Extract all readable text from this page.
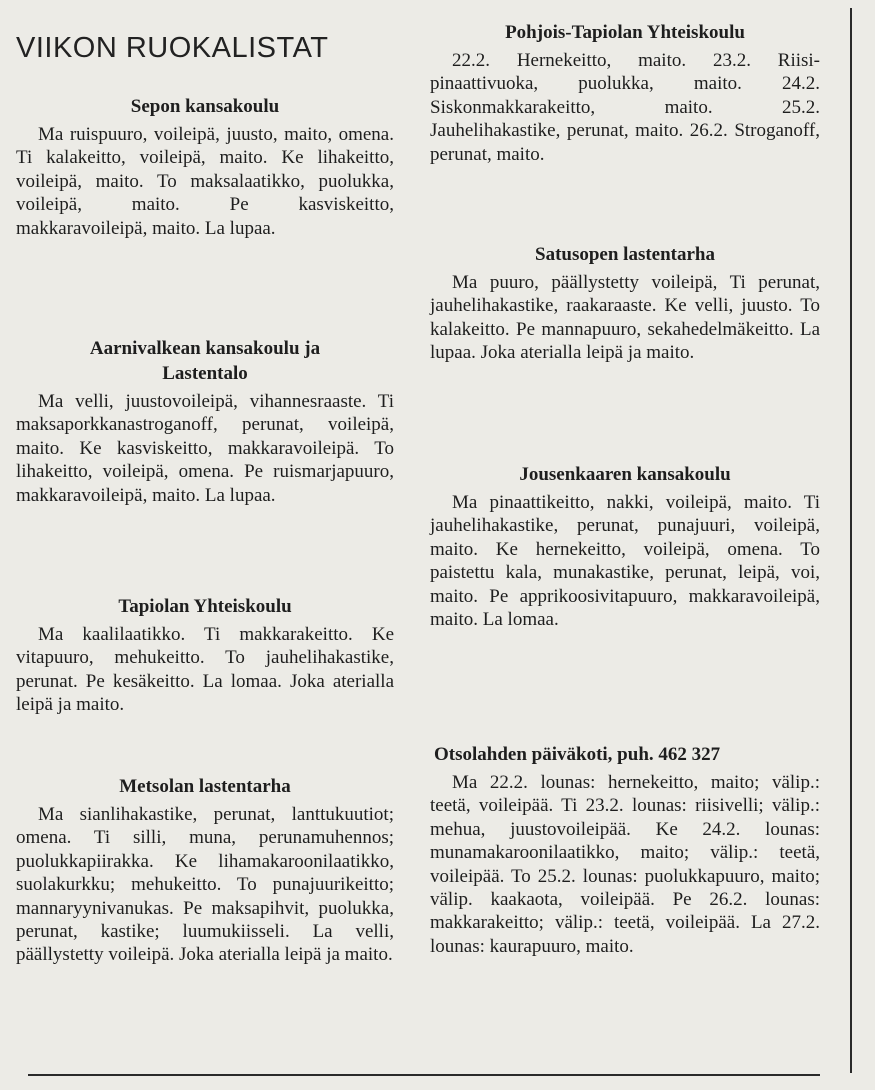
VIIKON RUOKALISTAT
Sepon kansakoulu

Ma ruispuuro, voileipä, juusto, maito, omena. Ti kalakeitto, voileipä, maito. Ke lihakeitto, voileipä, maito. To maksalaatikko, puolukka, voileipä, maito. Pe kasviskeitto, makkaravoileipä, maito. La lupaa.

Aarnivalkean kansakoulu ja Lastentalo

Ma velli, juustovoileipä, vihannesraaste. Ti maksaporkkanastroganoff, perunat, voileipä, maito. Ke kasviskeitto, makkaravoileipä. To lihakeitto, voileipä, omena. Pe ruismarjapuuro, makkaravoileipä, maito. La lupaa.

Tapiolan Yhteiskoulu

Ma kaalilaatikko. Ti makkarakeitto. Ke vitapuuro, mehukeitto. To jauhelihakastike, perunat. Pe kesäkeitto. La lomaa. Joka aterialla leipä ja maito.

Metsolan lastentarha

Ma sianlihakastike, perunat, lanttukuutiot; omena. Ti silli, muna, perunamuhennos; puolukkapiirakka. Ke lihamakaroonilaatikko, suolakurkku; mehukeitto. To punajuurikeitto; mannaryynivanukas. Pe maksapihvit, puolukka, perunat, kastike; luumukiisseli. La velli, päällystetty voileipä. Joka aterialla leipä ja maito.

Pohjois-Tapiolan Yhteiskoulu

22.2. Hernekeitto, maito. 23.2. Riisi-pinaattivuoka, puolukka, maito. 24.2. Siskonmakkarakeitto, maito. 25.2. Jauhelihakastike, perunat, maito. 26.2. Stroganoff, perunat, maito.

Satusopen lastentarha

Ma puuro, päällystetty voileipä, Ti perunat, jauhelihakastike, raakaraaste. Ke velli, juusto. To kalakeitto. Pe mannapuuro, sekahedelmäkeitto. La lupaa. Joka aterialla leipä ja maito.

Jousenkaaren kansakoulu

Ma pinaattikeitto, nakki, voileipä, maito. Ti jauhelihakastike, perunat, punajuuri, voileipä, maito. Ke hernekeitto, voileipä, omena. To paistettu kala, munakastike, perunat, leipä, voi, maito. Pe apprikoosivitapuuro, makkaravoileipä, maito. La lomaa.

Otsolahden päiväkoti, puh. 462 327

Ma 22.2. lounas: hernekeitto, maito; välip.: teetä, voileipää. Ti 23.2. lounas: riisivelli; välip.: mehua, juustovoileipää. Ke 24.2. lounas: munamakaroonilaatikko, maito; välip.: teetä, voileipää. To 25.2. lounas: puolukkapuuro, maito; välip. kaakaota, voileipää. Pe 26.2. lounas: makkarakeitto; välip.: teetä, voileipää. La 27.2. lounas: kaurapuuro, maito.
